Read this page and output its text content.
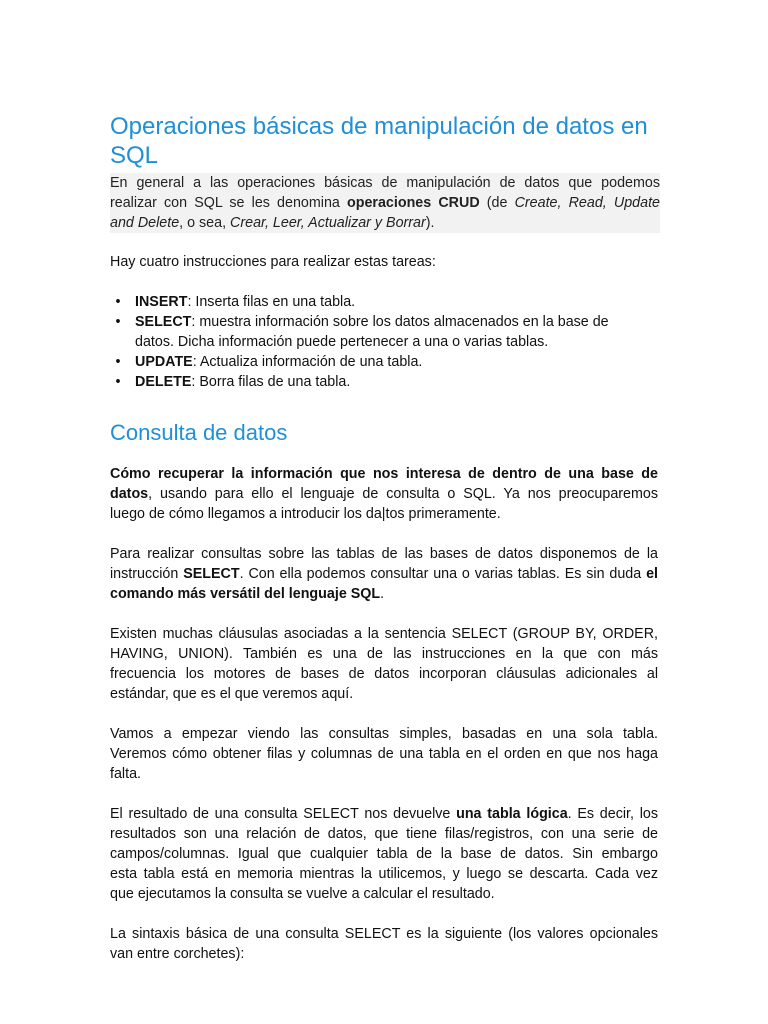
Operaciones básicas de manipulación de datos en
SQL
En general a las operaciones básicas de manipulación de datos que podemos
realizar con SQL se les denomina operaciones CRUD (de Create, Read, Update
and Delete, o sea, Crear, Leer, Actualizar y Borrar).

Hay cuatro instrucciones para realizar estas tareas:

• INSERT: Inserta filas en una tabla.
• SELECT: muestra información sobre los datos almacenados en la base de
datos. Dicha información puede pertenecer a una o varias tablas.
• UPDATE: Actualiza información de una tabla.
• DELETE: Borra filas de una tabla.
Consulta de datos

Cómo recuperar la información que nos interesa de dentro de una base de
datos, usando para ello el lenguaje de consulta o SQL. Ya nos preocuparemos
luego de cómo llegamos a introducir los da|tos primeramente.

Para realizar consultas sobre las tablas de las bases de datos disponemos de la
instrucción SELECT. Con ella podemos consultar una o varias tablas. Es sin duda el
comando más versátil del lenguaje SQL.

Existen muchas cláusulas asociadas a la sentencia SELECT (GROUP BY, ORDER,
HAVING, UNION). También es una de las instrucciones en la que con más
frecuencia los motores de bases de datos incorporan cláusulas adicionales al
estándar, que es el que veremos aquí.

Vamos a empezar viendo las consultas simples, basadas en una sola tabla.
Veremos cómo obtener filas y columnas de una tabla en el orden en que nos haga
falta.

El resultado de una consulta SELECT nos devuelve una tabla lógica. Es decir, los
resultados son una relación de datos, que tiene filas/registros, con una serie de
campos/columnas. Igual que cualquier tabla de la base de datos. Sin embargo
esta tabla está en memoria mientras la utilicemos, y luego se descarta. Cada vez
que ejecutamos la consulta se vuelve a calcular el resultado.

La sintaxis básica de una consulta SELECT es la siguiente (los valores opcionales
van entre corchetes):
